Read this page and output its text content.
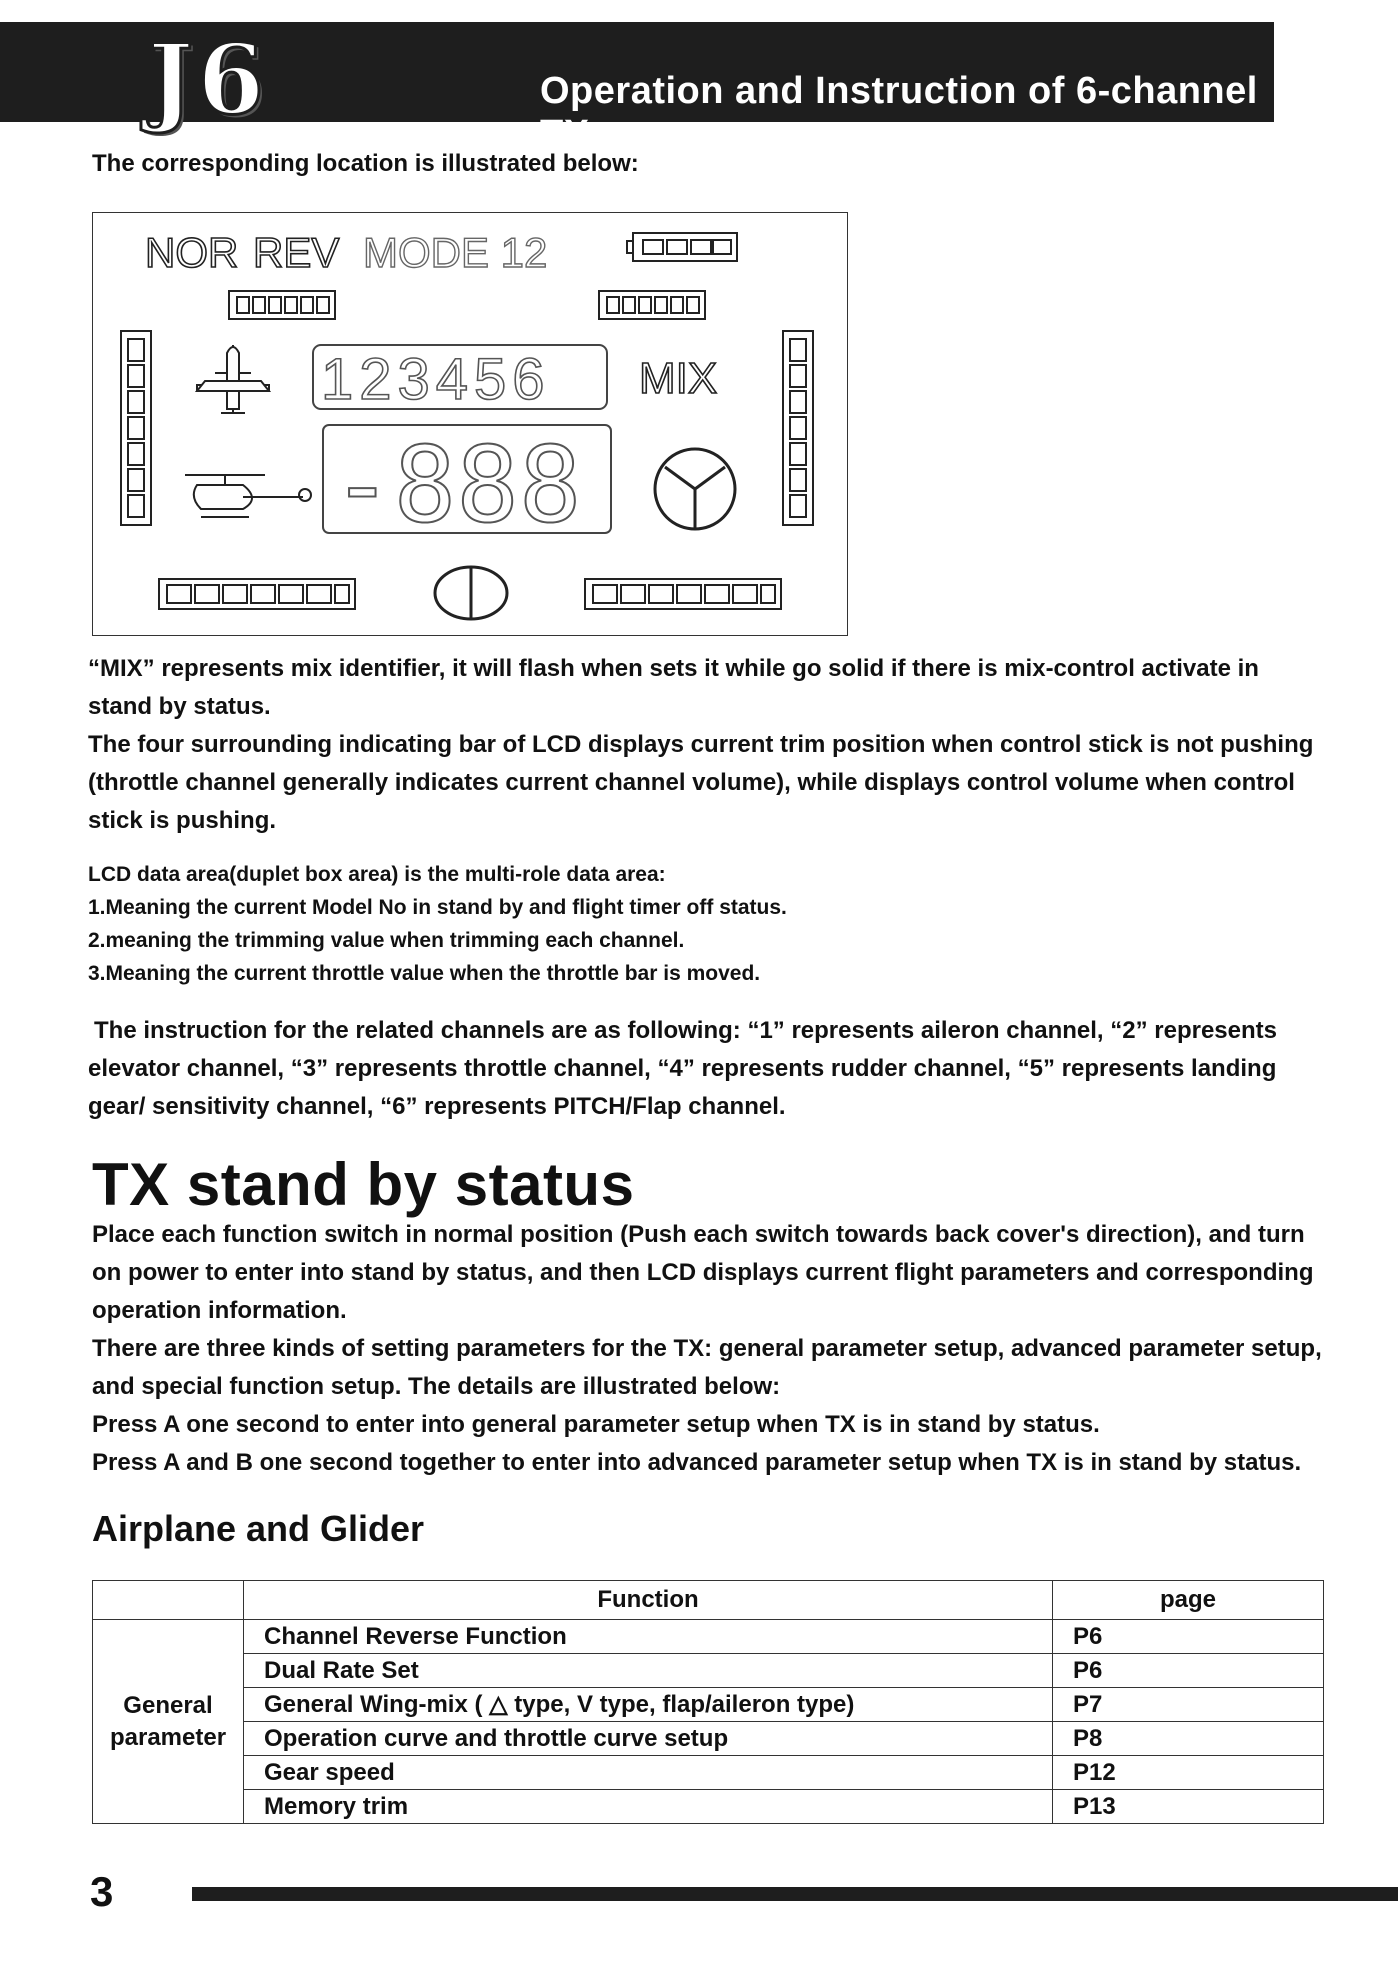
J6	Operation and Instruction of 6-channel TX
The corresponding location is illustrated below:
NOR REV MODE 12
123456 MIX
-888

“MIX” represents mix identifier, it will flash when sets it while go solid if there is mix-control activate in stand by status.

The four surrounding indicating bar of LCD displays current trim position when control stick is not pushing (throttle channel generally indicates current channel volume), while displays control volume when control stick is pushing.

LCD data area(duplet box area) is the multi-role data area:

1.Meaning the current Model No in stand by and flight timer off status.

2.meaning the trimming value when trimming each channel.

3.Meaning the current throttle value when the throttle bar is moved.

The instruction for the related channels are as following: “1” represents aileron channel, “2” represents elevator channel, “3” represents throttle channel, “4” represents rudder channel, “5” represents landing gear/ sensitivity channel, “6” represents PITCH/Flap channel.

TX stand by status

Place each function switch in normal position (Push each switch towards back cover's direction), and turn on power to enter into stand by status, and then LCD displays current flight parameters and corresponding operation information.

There are three kinds of setting parameters for the TX: general parameter setup, advanced parameter setup, and special function setup. The details are illustrated below:

Press A one second to enter into general parameter setup when TX is in stand by status.

Press A and B one second together to enter into advanced parameter setup when TX is in stand by status.

Airplane and Glider
	Function	page
General parameter	Channel Reverse Function	P6
	Dual Rate Set	P6
	General Wing-mix ( △ type, V type, flap/aileron type)	P7
	Operation curve and throttle curve setup	P8
	Gear speed	P12
	Memory trim	P13
3
